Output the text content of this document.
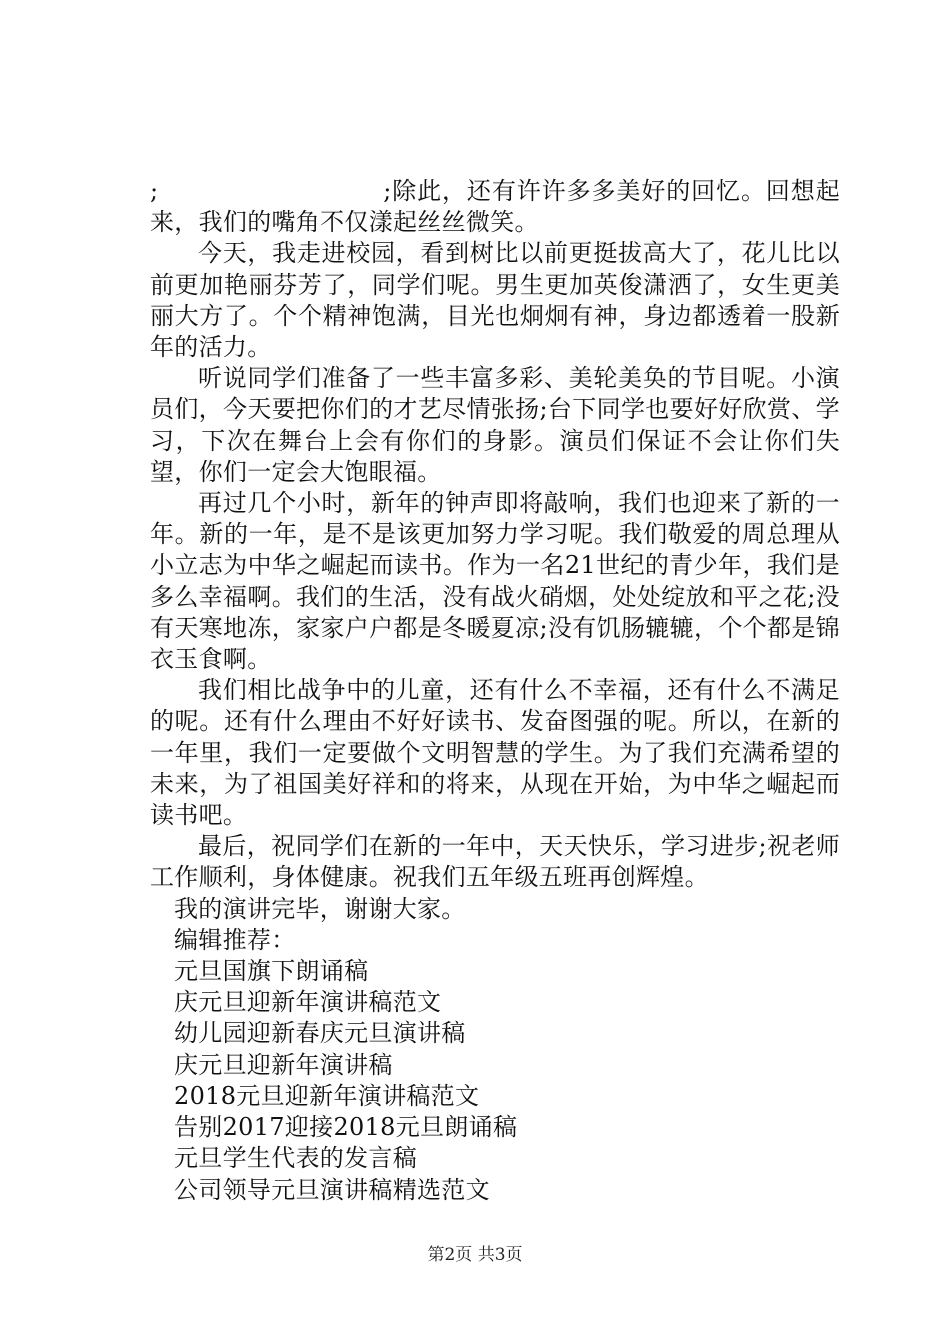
;　　　　　　　　　;除此，还有许许多多美好的回忆。回想起来，我们的嘴角不仅漾起丝丝微笑。

今天，我走进校园，看到树比以前更挺拔高大了，花儿比以前更加艳丽芬芳了，同学们呢。男生更加英俊潇洒了，女生更美丽大方了。个个精神饱满，目光也炯炯有神，身边都透着一股新年的活力。

听说同学们准备了一些丰富多彩、美轮美奂的节目呢。小演员们，今天要把你们的才艺尽情张扬;台下同学也要好好欣赏、学习，下次在舞台上会有你们的身影。演员们保证不会让你们失望，你们一定会大饱眼福。

再过几个小时，新年的钟声即将敲响，我们也迎来了新的一年。新的一年，是不是该更加努力学习呢。我们敬爱的周总理从小立志为中华之崛起而读书。作为一名21世纪的青少年，我们是多么幸福啊。我们的生活，没有战火硝烟，处处绽放和平之花;没有天寒地冻，家家户户都是冬暖夏凉;没有饥肠辘辘，个个都是锦衣玉食啊。

我们相比战争中的儿童，还有什么不幸福，还有什么不满足的呢。还有什么理由不好好读书、发奋图强的呢。所以，在新的一年里，我们一定要做个文明智慧的学生。为了我们充满希望的未来，为了祖国美好祥和的将来，从现在开始，为中华之崛起而读书吧。

最后，祝同学们在新的一年中，天天快乐，学习进步;祝老师工作顺利，身体健康。祝我们五年级五班再创辉煌。

我的演讲完毕，谢谢大家。

编辑推荐：

元旦国旗下朗诵稿

庆元旦迎新年演讲稿范文

幼儿园迎新春庆元旦演讲稿

庆元旦迎新年演讲稿

2018元旦迎新年演讲稿范文

告别2017迎接2018元旦朗诵稿

元旦学生代表的发言稿

公司领导元旦演讲稿精选范文

第2页 共3页
